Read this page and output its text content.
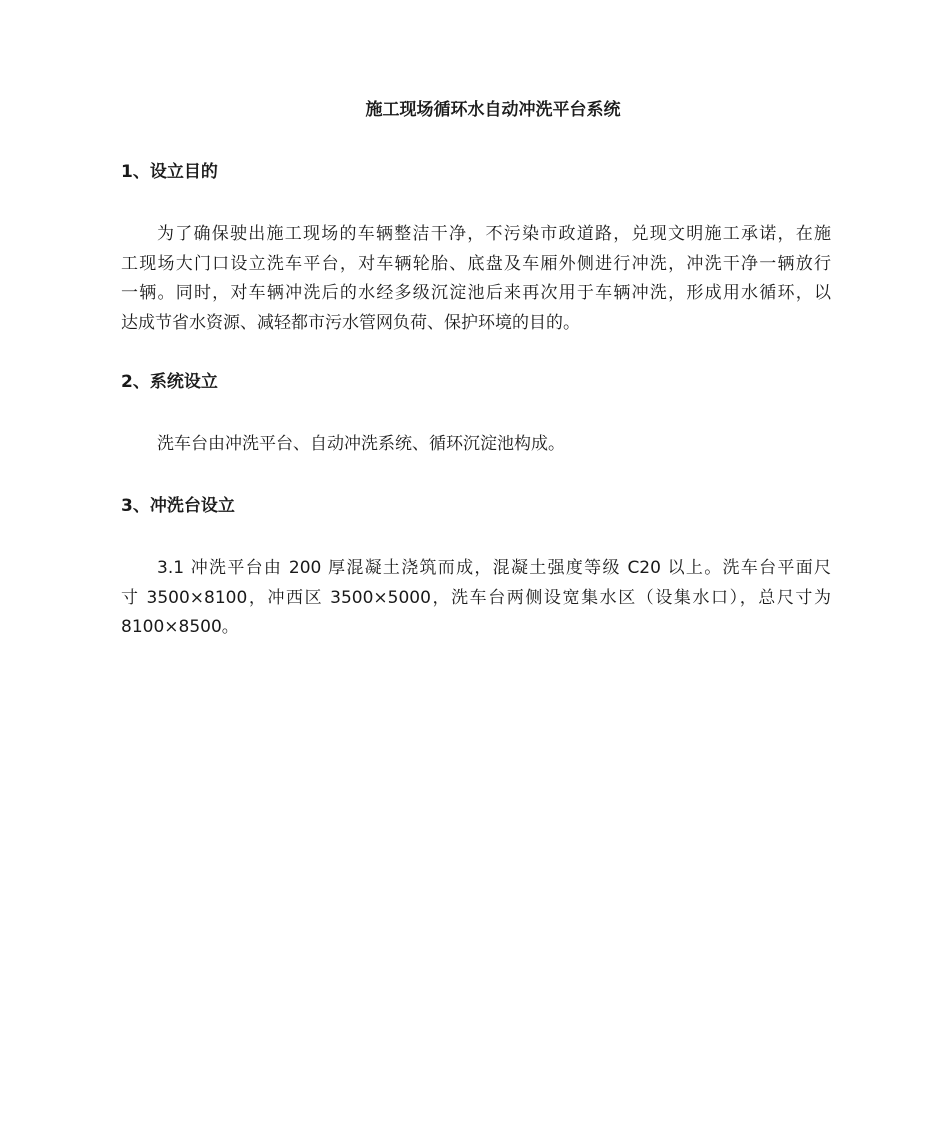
施工现场循环水自动冲洗平台系统
1、设立目的
为了确保驶出施工现场的车辆整洁干净，不污染市政道路，兑现文明施工承诺，在施
工现场大门口设立洗车平台，对车辆轮胎、底盘及车厢外侧进行冲洗，冲洗干净一辆放行
一辆。同时，对车辆冲洗后的水经多级沉淀池后来再次用于车辆冲洗，形成用水循环，以
达成节省水资源、减轻都市污水管网负荷、保护环境的目的。
2、系统设立
洗车台由冲洗平台、自动冲洗系统、循环沉淀池构成。
3、冲洗台设立
3.1 冲洗平台由 200 厚混凝土浇筑而成，混凝土强度等级 C20 以上。洗车台平面尺
寸 3500×8100，冲西区 3500×5000，洗车台两侧设宽集水区（设集水口），总尺寸为
8100×8500。
